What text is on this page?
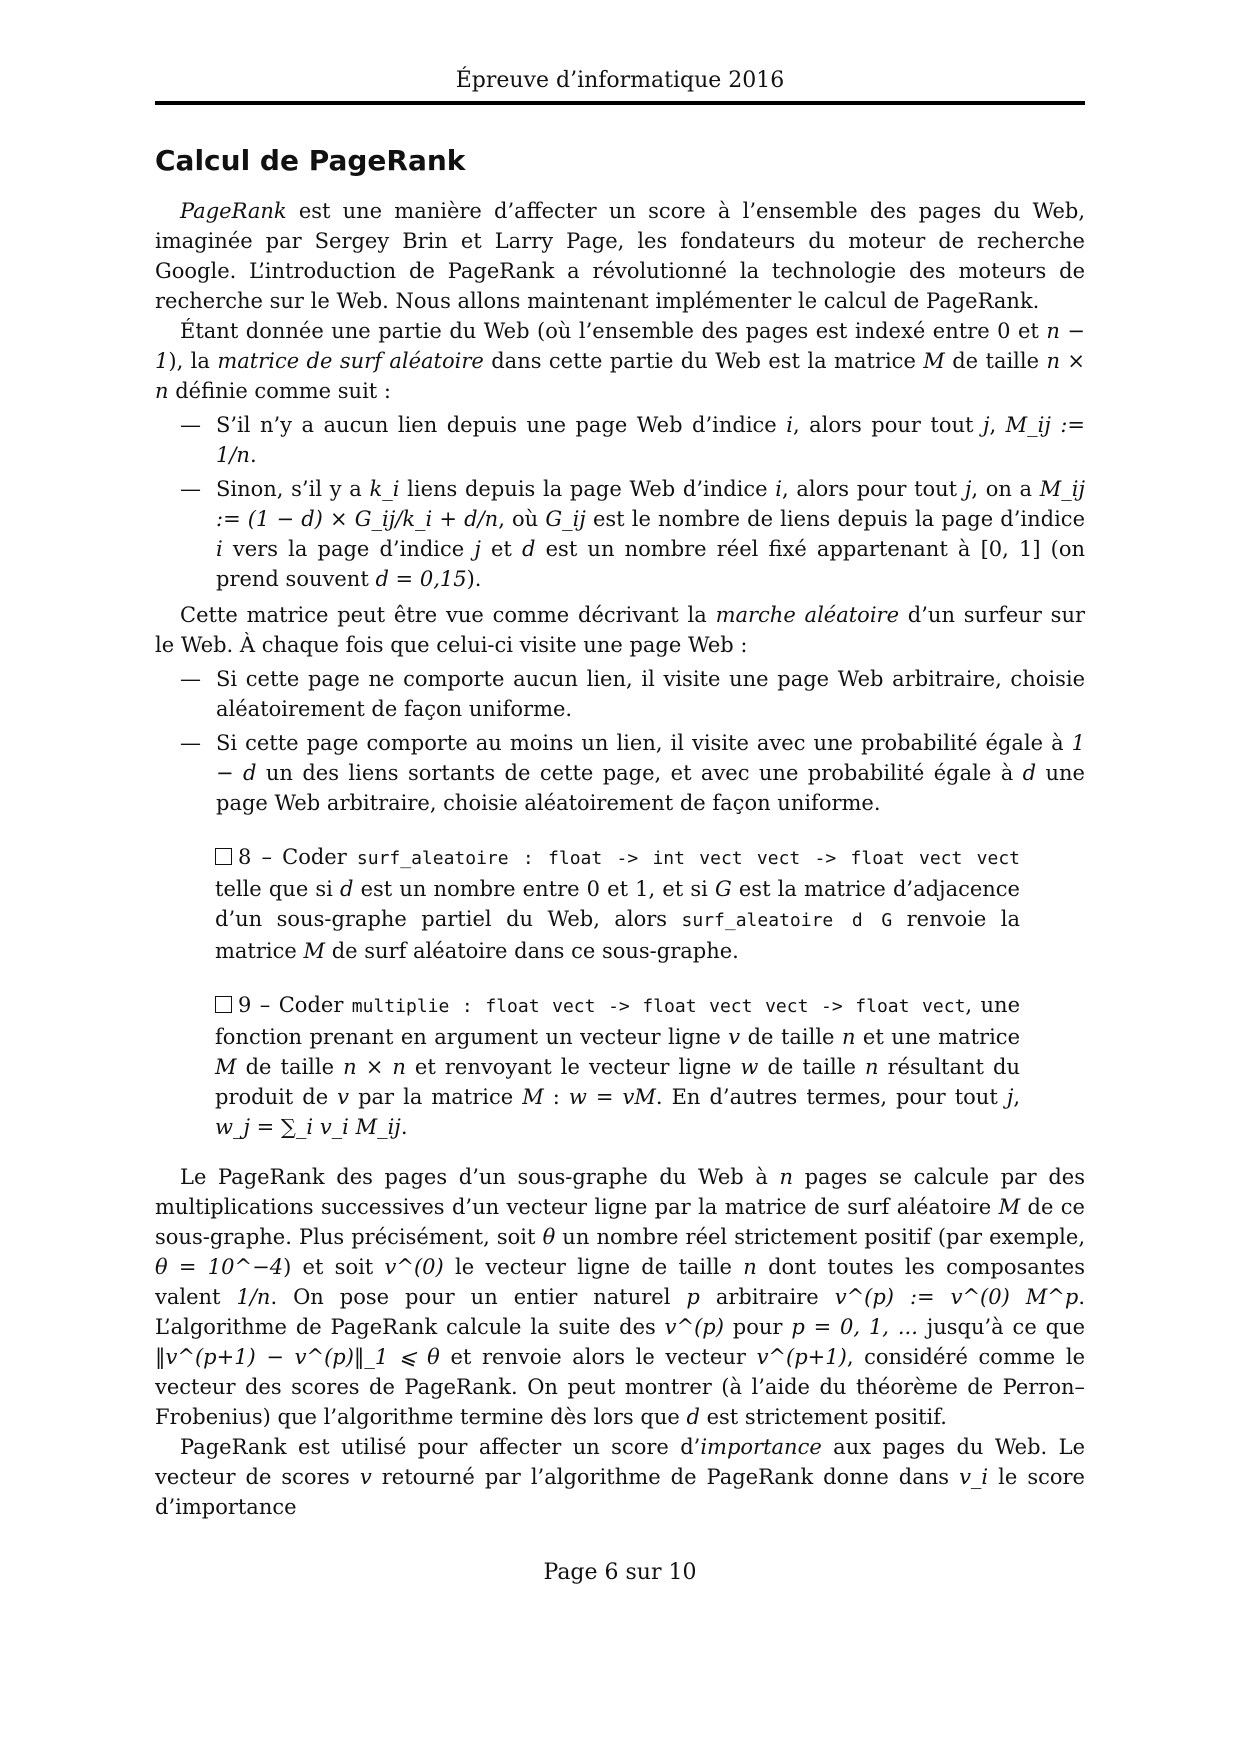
Épreuve d’informatique 2016
Calcul de PageRank

PageRank est une manière d’affecter un score à l’ensemble des pages du Web, imaginée par Sergey Brin et Larry Page, les fondateurs du moteur de recherche Google. L’introduction de PageRank a révolutionné la technologie des moteurs de recherche sur le Web. Nous allons maintenant implémenter le calcul de PageRank.

Étant donnée une partie du Web (où l’ensemble des pages est indexé entre 0 et n − 1), la matrice de surf aléatoire dans cette partie du Web est la matrice M de taille n × n définie comme suit :

— S’il n’y a aucun lien depuis une page Web d’indice i, alors pour tout j, M_ij := 1/n.
— Sinon, s’il y a k_i liens depuis la page Web d’indice i, alors pour tout j, on a M_ij := (1 − d) × G_ij/k_i + d/n, où G_ij est le nombre de liens depuis la page d’indice i vers la page d’indice j et d est un nombre réel fixé appartenant à [0, 1] (on prend souvent d = 0,15).

Cette matrice peut être vue comme décrivant la marche aléatoire d’un surfeur sur le Web. À chaque fois que celui-ci visite une page Web :

— Si cette page ne comporte aucun lien, il visite une page Web arbitraire, choisie aléatoirement de façon uniforme.
— Si cette page comporte au moins un lien, il visite avec une probabilité égale à 1 − d un des liens sortants de cette page, et avec une probabilité égale à d une page Web arbitraire, choisie aléatoirement de façon uniforme.
8 – Coder surf_aleatoire : float -> int vect vect -> float vect vect telle que si d est un nombre entre 0 et 1, et si G est la matrice d’adjacence d’un sous-graphe partiel du Web, alors surf_aleatoire d G renvoie la matrice M de surf aléatoire dans ce sous-graphe.
9 – Coder multiplie : float vect -> float vect vect -> float vect, une fonction prenant en argument un vecteur ligne v de taille n et une matrice M de taille n × n et renvoyant le vecteur ligne w de taille n résultant du produit de v par la matrice M : w = vM. En d’autres termes, pour tout j, w_j = ∑_i v_i M_ij.

Le PageRank des pages d’un sous-graphe du Web à n pages se calcule par des multiplications successives d’un vecteur ligne par la matrice de surf aléatoire M de ce sous-graphe. Plus précisément, soit θ un nombre réel strictement positif (par exemple, θ = 10^−4) et soit v^(0) le vecteur ligne de taille n dont toutes les composantes valent 1/n. On pose pour un entier naturel p arbitraire v^(p) := v^(0) M^p. L’algorithme de PageRank calcule la suite des v^(p) pour p = 0, 1, ... jusqu’à ce que ‖v^(p+1) − v^(p)‖_1 ⩽ θ et renvoie alors le vecteur v^(p+1), considéré comme le vecteur des scores de PageRank. On peut montrer (à l’aide du théorème de Perron–Frobenius) que l’algorithme termine dès lors que d est strictement positif.

PageRank est utilisé pour affecter un score d’importance aux pages du Web. Le vecteur de scores v retourné par l’algorithme de PageRank donne dans v_i le score d’importance

Page 6 sur 10
